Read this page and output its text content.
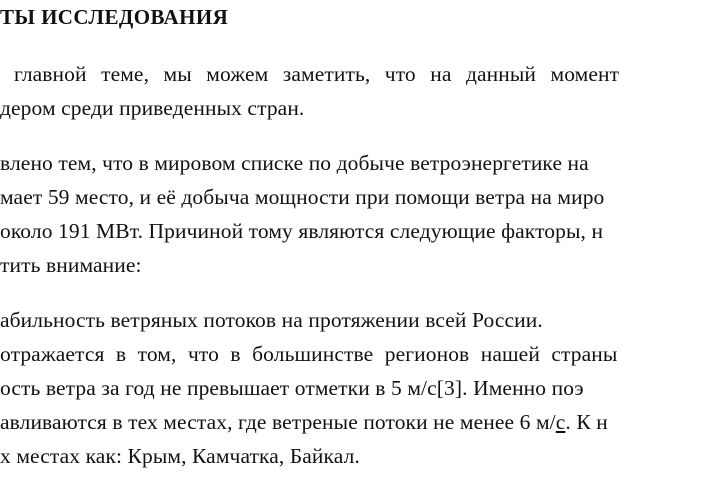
ТЫ ИССЛЕДОВАНИЯ
главной теме, мы можем заметить, что на данный момент
дером среди приведенных стран.
влено тем, что в мировом списке по добыче ветроэнергетике на
мает 59 место, и её добыча мощности при помощи ветра на миро
около 191 МВт. Причиной тому являются следующие факторы, н
тить внимание:
абильность ветряных потоков на протяжении всей России.
отражается в том, что в большинстве регионов нашей страны
ость ветра за год не превышает отметки в 5 м/с[3]. Именно поэ
авливаются в тех местах, где ветреные потоки не менее 6 м/с. К н
х местах как: Крым, Камчатка, Байкал.
